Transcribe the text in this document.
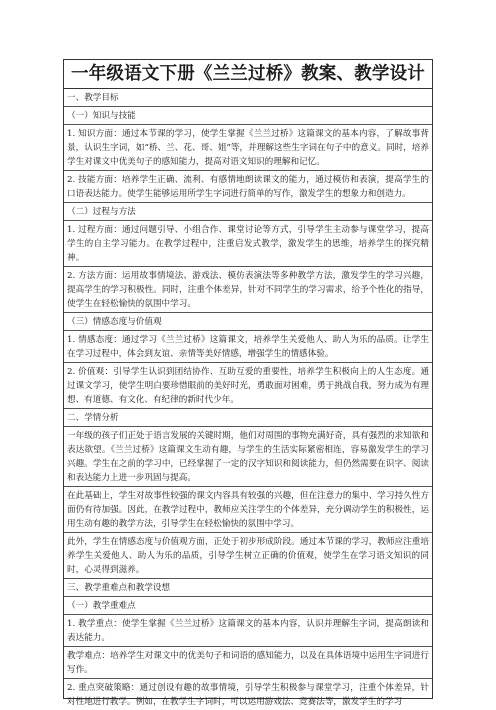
一年级语文下册《兰兰过桥》教案、教学设计
一、教学目标
（一）知识与技能
1. 知识方面：通过本节课的学习，使学生掌握《兰兰过桥》这篇课文的基本内容，了解故事背景，认识生字词，如“桥、兰、花、哥、姐”等，并理解这些生字词在句子中的意义。同时，培养学生对课文中优美句子的感知能力，提高对语文知识的理解和记忆。
2. 技能方面：培养学生正确、流利、有感情地朗读课文的能力，通过模仿和表演，提高学生的口语表达能力。使学生能够运用所学生字词进行简单的写作，激发学生的想象力和创造力。
（二）过程与方法
1. 过程方面：通过问题引导、小组合作、课堂讨论等方式，引导学生主动参与课堂学习，提高学生的自主学习能力。在教学过程中，注重启发式教学，激发学生的思维，培养学生的探究精神。
2. 方法方面：运用故事情境法、游戏法、模仿表演法等多种教学方法，激发学生的学习兴趣，提高学生的学习积极性。同时，注重个体差异，针对不同学生的学习需求，给予个性化的指导，使学生在轻松愉快的氛围中学习。
（三）情感态度与价值观
1. 情感态度：通过学习《兰兰过桥》这篇课文，培养学生关爱他人、助人为乐的品质。让学生在学习过程中，体会到友谊、亲情等美好情感，增强学生的情感体验。
2. 价值观：引导学生认识到团结协作、互助互爱的重要性，培养学生积极向上的人生态度。通过课文学习，使学生明白要珍惜眼前的美好时光，勇敢面对困难，勇于挑战自我，努力成为有理想、有道德、有文化、有纪律的新时代少年。
二、学情分析
一年级的孩子们正处于语言发展的关键时期，他们对周围的事物充满好奇，具有强烈的求知欲和表达欲望。《兰兰过桥》这篇课文生动有趣，与学生的生活实际紧密相连，容易激发学生的学习兴趣。学生在之前的学习中，已经掌握了一定的汉字知识和阅读能力，但仍然需要在识字、阅读和表达能力上进一步巩固与提高。
在此基础上，学生对故事性较强的课文内容具有较强的兴趣，但在注意力的集中、学习持久性方面仍有待加强。因此，在教学过程中，教师应关注学生的个体差异，充分调动学生的积极性，运用生动有趣的教学方法，引导学生在轻松愉快的氛围中学习。
此外，学生在情感态度与价值观方面，正处于初步形成阶段。通过本节课的学习，教师应注重培养学生关爱他人、助人为乐的品质，引导学生树立正确的价值观，使学生在学习语文知识的同时，心灵得到滋养。
三、教学重难点和教学设想
（一）教学重难点
1. 教学重点：使学生掌握《兰兰过桥》这篇课文的基本内容，认识并理解生字词，提高朗读和表达能力。
教学难点：培养学生对课文中的优美句子和词语的感知能力，以及在具体语境中运用生字词进行写作。
2. 重点突破策略：通过创设有趣的故事情境，引导学生积极参与课堂学习，注重个体差异，针对性地进行教学。例如，在教学生字词时，可以运用游戏法、竞赛法等，激发学生的学习
